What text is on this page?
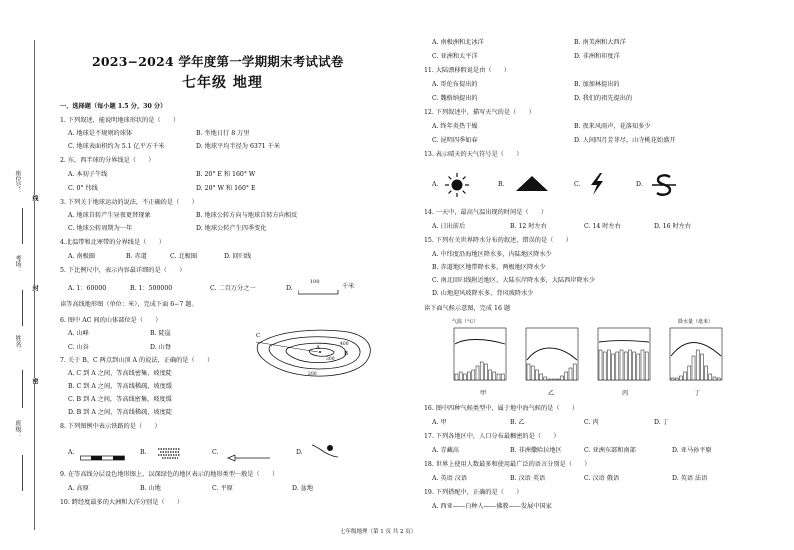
座位号：
考场：
姓名：
班级：
线
封
密
2023−2024 学年度第一学期期末考试试卷
七年级 地理
一、选择题（每小题 1.5 分，30 分）
1. 下列叙述，能说明地球形状的是（　　）
A. 地球是不规则的球体	B. 坐地日行 8 万里
C. 地球表面积约为 5.1 亿平方千米	D. 地球平均半径为 6371 千米
2. 东、西半球的分界线是（　　）
A. 本初子午线	B. 20° E 和 160° W
C. 0° 纬线	D. 20° W 和 160° E
3. 下列关于地球运动的说法，不正确的是（　　）
A. 地球自转产生昼夜更替现象	B. 地球公转方向与地球自转方向相反
C. 地球公转周期为一年	D. 地球公转产生四季变化
4.北温带和北寒带的分界线是（　　）
A. 南极圈	B. 赤道	C. 北极圈	D. 回归线
5. 下比例尺中，表示内容最详细的是（　　）
A. 1：60000	B. 1：500000	C. 二百万分之一	D.
100
千米
读等高线地形图（单位：米），完成下面 6−7 题。
6. 图中 AC 间的山体部位是（　　）
A. 山峰	B. 陡崖
C. 山谷	D. 山脊
C
A
B
400
300
200
7. 关于 B、C 两点到山顶 A 的说法，正确的是（　　）
A. C 到 A 之间，等高线密集，坡度陡
B. C 到 A 之间，等高线稀疏，坡度缓
C. B 到 A 之间，等高线密集，坡度缓
D. B 到 A 之间，等高线稀疏，坡度陡
8. 下列图例中表示铁路的是（　　）
A.	B.	C.	D.
9. 在等高线分层设色地形图上，以深绿色的地区表示的地形类型一般是（　　）
A. 高原	B. 山地	C. 平原	D. 盆地
10. 跨经度最多的大洲和大洋分别是（　　）
A. 南极洲和北冰洋	B. 南美洲和大西洋
C. 亚洲和太平洋	D. 非洲和印度洋
11. 大陆漂移假说是由（　　）
A. 哥伦布提出的	B. 加加林提出的
C. 魏格纳提出的	D. 我们的祖先提出的
12. 下列叙述中，描写天气的是（　　）
A. 终年炎热干燥	B. 夜来风雨声，花落知多少
C. 昆明四季如春	D. 人间四月芳菲尽，山寺桃花始盛开
13. 表示晴天的天气符号是（　　）
A.	B.	C.	D.
14. 一天中，最高气温出现的时间是（　　）
A. 日出前后	B. 12 时左右	C. 14 时左右	D. 16 时左右
15. 下列有关世界降水分布的叙述，错误的是（　　）
A. 中纬度沿海地区降水多，内陆地区降水少
B. 赤道地区地带降水多，两极地区降水少
C. 南北回归线附近地区，大陆东岸降水多，大陆西岸降水少
D. 山地迎风坡降水多，背风坡降水少
读下面气候示意图，完成 16 题
气温（°C）	降水量（毫米）
甲	乙	丙	丁
16. 图中四种气候类型中，属于地中海气候的是（　　）
A. 甲	B. 乙	C. 丙	D. 丁
17. 下列各地区中，人口分布最稠密的是（　　）
A. 青藏高	B. 非洲撒哈拉地区	C. 亚洲东部和南部	D. 亚马孙平原
18. 世界上使用人数最多和使用最广泛的语言分别是（　　）
A. 英语 汉语	B. 汉语 英语	C. 汉语 俄语	D. 英语 法语
19. 下列搭配中，正确的是（　　）
A. 西亚——白种人——佛教——发展中国家
七年级地理（第 1 页 共 2 页）
